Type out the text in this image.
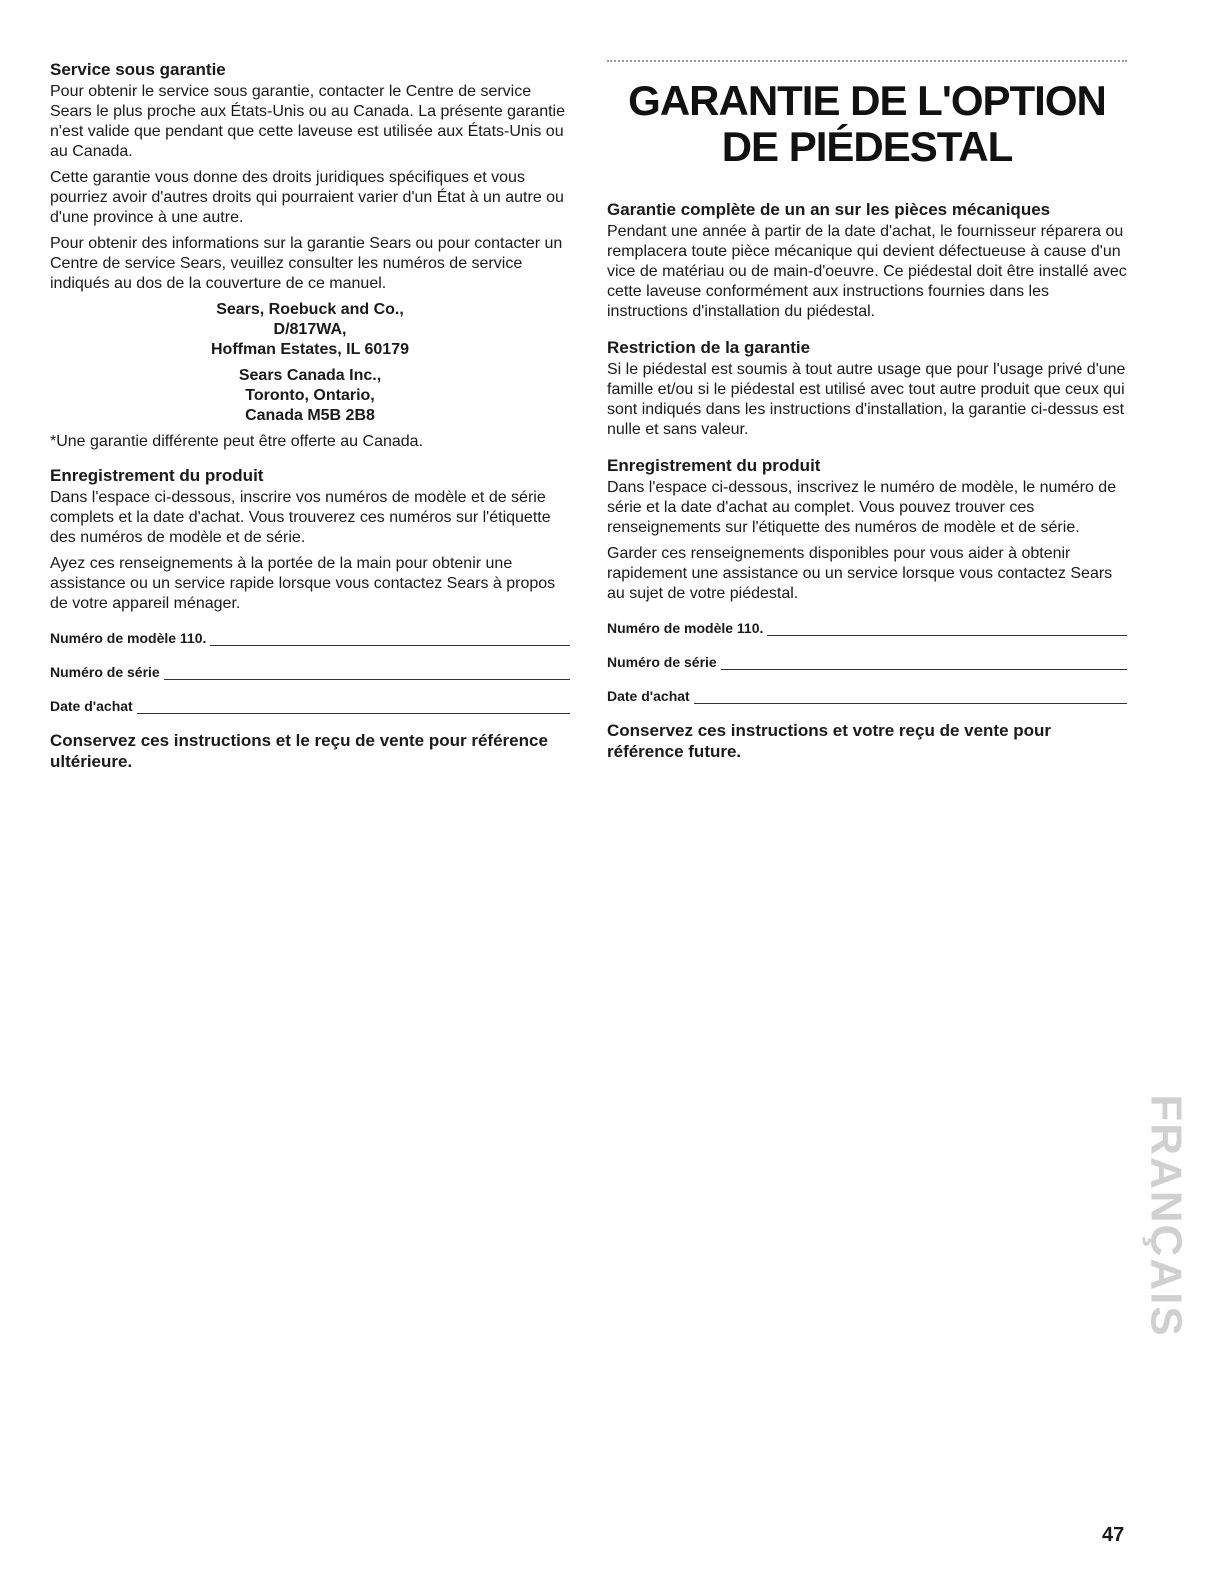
Service sous garantie

Pour obtenir le service sous garantie, contacter le Centre de service Sears le plus proche aux États-Unis ou au Canada. La présente garantie n'est valide que pendant que cette laveuse est utilisée aux États-Unis ou au Canada.

Cette garantie vous donne des droits juridiques spécifiques et vous pourriez avoir d'autres droits qui pourraient varier d'un État à un autre ou d'une province à une autre.

Pour obtenir des informations sur la garantie Sears ou pour contacter un Centre de service Sears, veuillez consulter les numéros de service indiqués au dos de la couverture de ce manuel.

Sears, Roebuck and Co.,
D/817WA,
Hoffman Estates, IL 60179
Sears Canada Inc.,
Toronto, Ontario,
Canada M5B 2B8
*Une garantie différente peut être offerte au Canada.
Enregistrement du produit

Dans l'espace ci-dessous, inscrire vos numéros de modèle et de série complets et la date d'achat. Vous trouverez ces numéros sur l'étiquette des numéros de modèle et de série.

Ayez ces renseignements à la portée de la main pour obtenir une assistance ou un service rapide lorsque vous contactez Sears à propos de votre appareil ménager.

Numéro de modèle 110.
Numéro de série
Date d'achat
Conservez ces instructions et le reçu de vente pour référence ultérieure.
GARANTIE DE L'OPTION DE PIÉDESTAL
Garantie complète de un an sur les pièces mécaniques

Pendant une année à partir de la date d'achat, le fournisseur réparera ou remplacera toute pièce mécanique qui devient défectueuse à cause d'un vice de matériau ou de main-d'oeuvre. Ce piédestal doit être installé avec cette laveuse conformément aux instructions fournies dans les instructions d'installation du piédestal.

Restriction de la garantie

Si le piédestal est soumis à tout autre usage que pour l'usage privé d'une famille et/ou si le piédestal est utilisé avec tout autre produit que ceux qui sont indiqués dans les instructions d'installation, la garantie ci-dessus est nulle et sans valeur.

Enregistrement du produit

Dans l'espace ci-dessous, inscrivez le numéro de modèle, le numéro de série et la date d'achat au complet. Vous pouvez trouver ces renseignements sur l'étiquette des numéros de modèle et de série.

Garder ces renseignements disponibles pour vous aider à obtenir rapidement une assistance ou un service lorsque vous contactez Sears au sujet de votre piédestal.

Numéro de modèle 110.
Numéro de série
Date d'achat
Conservez ces instructions et votre reçu de vente pour référence future.
FRANÇAIS
47
